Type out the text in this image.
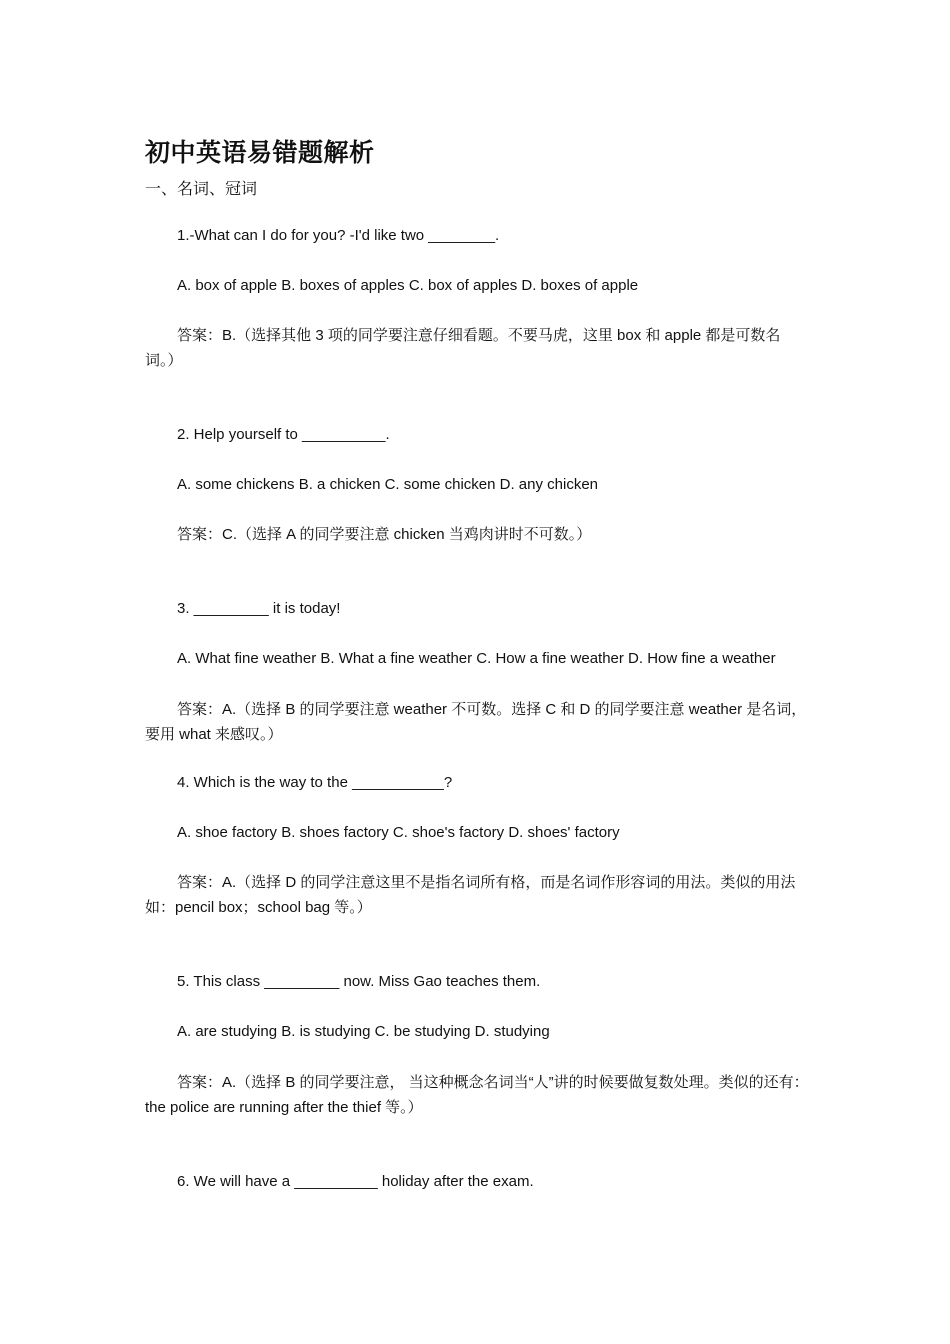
初中英语易错题解析

一、名词、冠词

1.-What can I do for you? -I'd like two ________.

A. box of apple B. boxes of apples C. box of apples D. boxes of apple

答案：B.（选择其他 3 项的同学要注意仔细看题。不要马虎，这里 box 和 apple 都是可数名词。）

2. Help yourself to __________.

A. some chickens B. a chicken C. some chicken D. any chicken

答案：C.（选择 A 的同学要注意 chicken 当鸡肉讲时不可数。）

3. _________ it is today!

A. What fine weather B. What a fine weather C. How a fine weather D. How fine a weather

答案：A.（选择 B 的同学要注意 weather 不可数。选择 C 和 D 的同学要注意 weather 是名词，要用 what 来感叹。）

4. Which is the way to the ___________?

A. shoe factory B. shoes factory C. shoe's factory D. shoes' factory

答案：A.（选择 D 的同学注意这里不是指名词所有格，而是名词作形容词的用法。类似的用法如：pencil box；school bag 等。）

5. This class _________ now. Miss Gao teaches them.

A. are studying B. is studying C. be studying D. studying

答案：A.（选择 B 的同学要注意， 当这种概念名词当“人”讲的时候要做复数处理。类似的还有：the police are running after the thief 等。）

6. We will have a __________ holiday after the exam.
